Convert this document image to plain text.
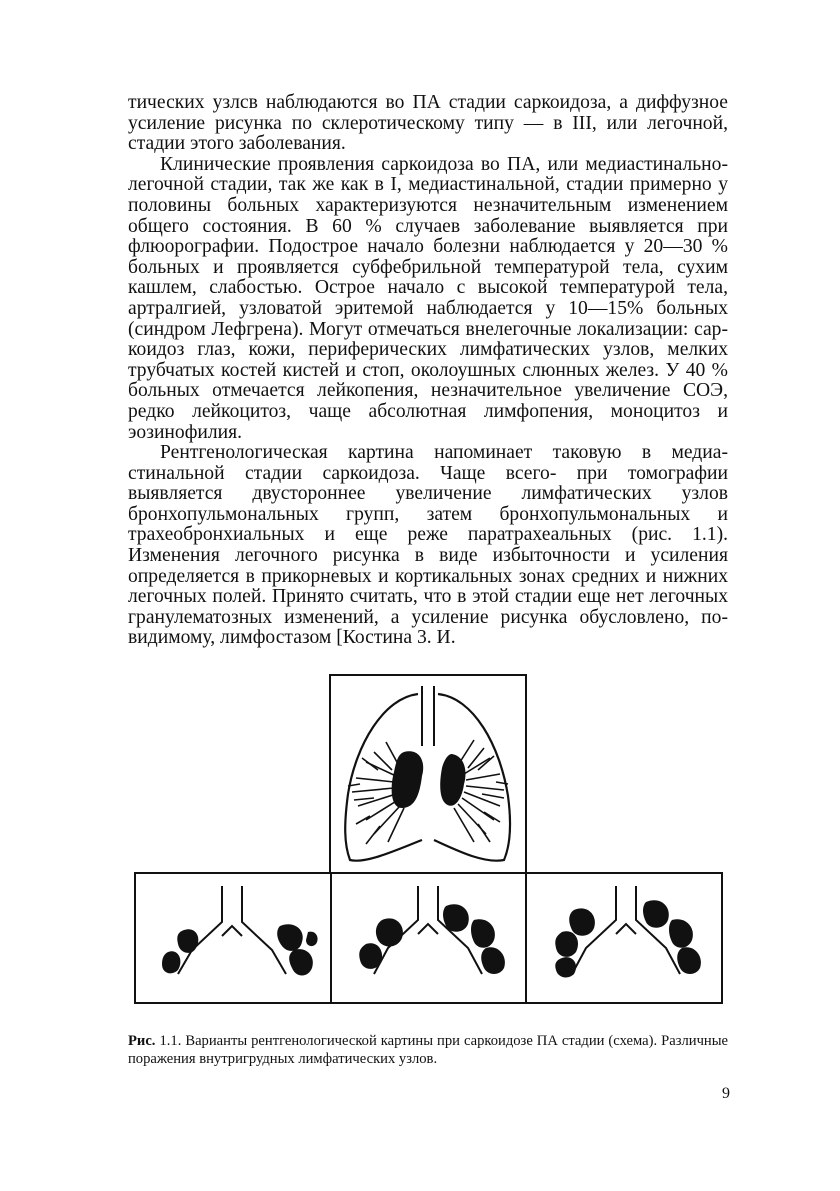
тических узлсв наблюдаются во ПА стадии саркоидоза, а диффузное усиление рисунка по склеротическому типу — в III, или легочной, стадии этого заболевания.

Клинические проявления саркоидоза во ПА, или медиастинально-легочной стадии, так же как в I, медиастинальной, стадии примерно у половины больных характеризуются незначительным изменением общего состояния. В 60 % случаев заболевание выявляется при флюорографии. Подострое начало болезни наблюдается у 20—30 % больных и проявляется субфебрильной температурой тела, сухим кашлем, слабостью. Острое начало с высокой температурой тела, артралгией, узловатой эритемой наблюдается у 10—15% больных (синдром Лефгрена). Могут отмечаться внелегочные локализации: саркоидоз глаз, кожи, периферических лимфатических узлов, мелких трубчатых костей кистей и стоп, околоушных слюнных желез. У 40 % больных отмечается лейкопения, незначительное увеличение СОЭ, редко лейкоцитоз, чаще абсолютная лимфопения, моноцитоз и эозинофилия.

Рентгенологическая картина напоминает таковую в медиастинальной стадии саркоидоза. Чаще всего- при томографии выявляется двустороннее увеличение лимфатических узлов бронхопульмональных групп, затем бронхопульмональных и трахеобронхиальных и еще реже паратрахеальных (рис. 1.1). Изменения легочного рисунка в виде избыточности и усиления определяется в прикорневых и кортикальных зонах средних и нижних легочных полей. Принято считать, что в этой стадии еще нет легочных гранулематозных изменений, а усиление рисунка обусловлено, по-видимому, лимфостазом [Костина 3. И.

Рис. 1.1. Варианты рентгенологической картины при саркоидозе ПА стадии (схема). Различные поражения внутригрудных лимфатических узлов.
9
